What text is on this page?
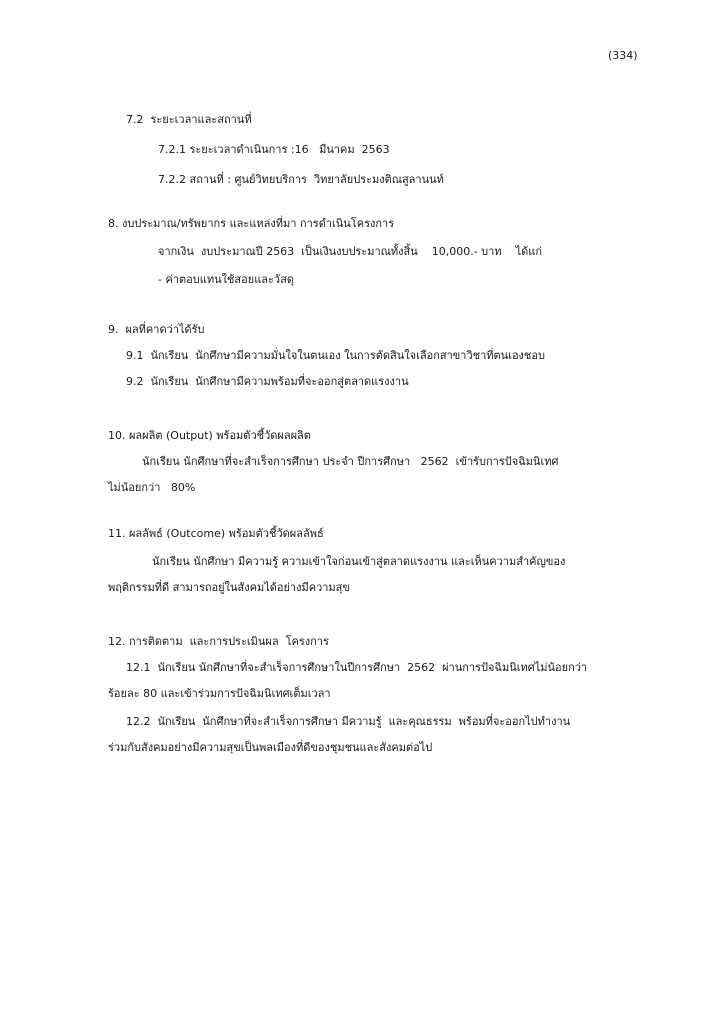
(334)
7.2  ระยะเวลาและสถานที่
7.2.1 ระยะเวลาดำเนินการ :16   มีนาคม  2563
7.2.2 สถานที่ : ศูนย์วิทยบริการ  วิทยาลัยประมงติณสูลานนท์
8. งบประมาณ/ทรัพยากร และแหล่งที่มา การดำเนินโครงการ
จากเงิน  งบประมาณปี 2563  เป็นเงินงบประมาณทั้งสิ้น    10,000.- บาท    ได้แก่
- ค่าตอบแทนใช้สอยและวัสดุ
9.  ผลที่คาดว่าได้รับ
9.1  นักเรียน  นักศึกษามีความมั่นใจในตนเอง ในการตัดสินใจเลือกสาขาวิชาที่ตนเองชอบ
9.2  นักเรียน  นักศึกษามีความพร้อมที่จะออกสู่ตลาดแรงงาน
10. ผลผลิต (Output) พร้อมตัวชี้วัดผลผลิต
นักเรียน นักศึกษาที่จะสำเร็จการศึกษา ประจำ ปีการศึกษา   2562  เข้ารับการปัจฉิมนิเทศ
ไม่น้อยกว่า   80%
11. ผลลัพธ์ (Outcome) พร้อมตัวชี้วัดผลลัพธ์
นักเรียน นักศึกษา มีความรู้ ความเข้าใจก่อนเข้าสู่ตลาดแรงงาน และเห็นความสำคัญของ
พฤติกรรมที่ดี สามารถอยู่ในสังคมได้อย่างมีความสุข
12. การติดตาม  และการประเมินผล  โครงการ
12.1  นักเรียน นักศึกษาที่จะสำเร็จการศึกษาในปีการศึกษา  2562  ผ่านการปัจฉิมนิเทศไม่น้อยกว่า
ร้อยละ 80 และเข้าร่วมการปัจฉิมนิเทศเต็มเวลา
12.2  นักเรียน  นักศึกษาที่จะสำเร็จการศึกษา มีความรู้  และคุณธรรม  พร้อมที่จะออกไปทำงาน
ร่วมกับสังคมอย่างมีความสุขเป็นพลเมืองที่ดีของชุมชนและสังคมต่อไป
